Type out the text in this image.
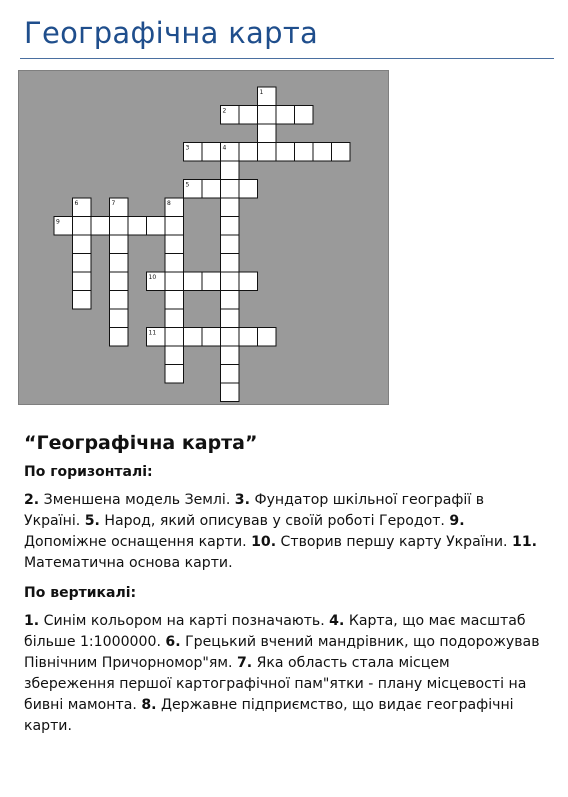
Географічна карта
1
2
3	4
5
6	7	8
9
10
11
“Географічна карта”
По горизонталі:
2. Зменшена модель Землі. 3. Фундатор шкільної географії в Україні. 5. Народ, який описував у своїй роботі Геродот. 9. Допоміжне оснащення карти. 10. Створив першу карту України. 11. Математична основа карти.
По вертикалі:
1. Синім кольором на карті позначають. 4. Карта, що має масштаб більше 1:1000000. 6. Грецький вчений мандрівник, що подорожував Північним Причорномор"ям. 7. Яка область стала місцем збереження першої картографічної пам"ятки - плану місцевості на бивні мамонта. 8. Державне підприємство, що видає географічні карти.
